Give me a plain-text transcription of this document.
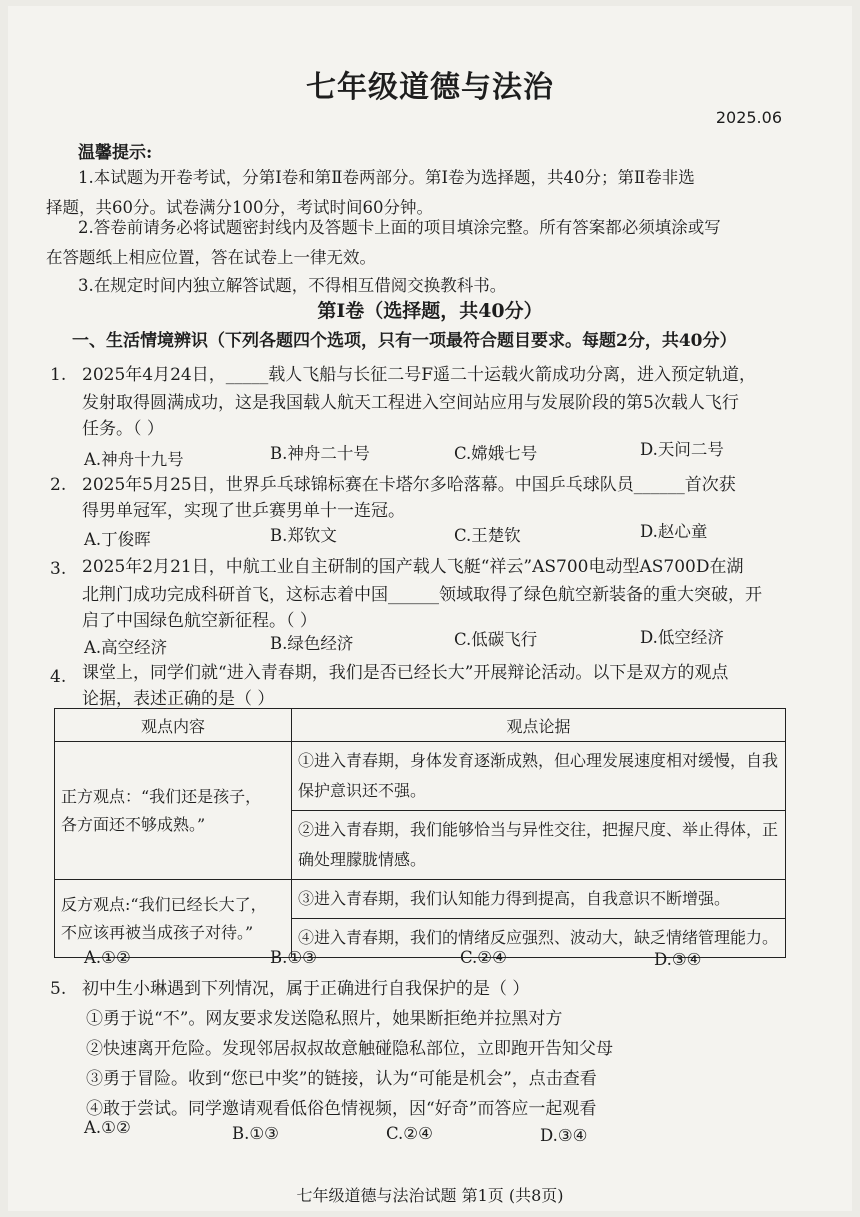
七年级道德与法治
2025.06
温馨提示:
1.本试题为开卷考试，分第Ⅰ卷和第Ⅱ卷两部分。第Ⅰ卷为选择题，共40分；第Ⅱ卷非选
择题，共60分。试卷满分100分，考试时间60分钟。
2.答卷前请务必将试题密封线内及答题卡上面的项目填涂完整。所有答案都必须填涂或写
在答题纸上相应位置，答在试卷上一律无效。
3.在规定时间内独立解答试题，不得相互借阅交换教科书。
第Ⅰ卷（选择题，共40分）
一、生活情境辨识（下列各题四个选项，只有一项最符合题目要求。每题2分，共40分）
1. 2025年4月24日，_____载人飞船与长征二号F遥二十运载火箭成功分离，进入预定轨道，
发射取得圆满成功，这是我国载人航天工程进入空间站应用与发展阶段的第5次载人飞行
任务。（ ）
A.神舟十九号	B.神舟二十号	C.嫦娥七号	D.天问二号
2. 2025年5月25日，世界乒乓球锦标赛在卡塔尔多哈落幕。中国乒乓球队员______首次获
得男单冠军，实现了世乒赛男单十一连冠。
A.丁俊晖	B.郑钦文	C.王楚钦	D.赵心童
3. 2025年2月21日，中航工业自主研制的国产载人飞艇“祥云”AS700电动型AS700D在湖
北荆门成功完成科研首飞，这标志着中国______领域取得了绿色航空新装备的重大突破，开
启了中国绿色航空新征程。（ ）
A.高空经济	B.绿色经济	C.低碳飞行	D.低空经济
4. 课堂上，同学们就“进入青春期，我们是否已经长大”开展辩论活动。以下是双方的观点
论据，表述正确的是（ ）
观点内容	观点论据

正方观点：“我们还是孩子，
各方面还不够成熟。”	①进入青春期，身体发育逐渐成熟，但心理发展速度相对缓慢，自我保护意识还不强。
	②进入青春期，我们能够恰当与异性交往，把握尺度、举止得体，正确处理朦胧情感。

反方观点:“我们已经长大了，
不应该再被当成孩子对待。”	③进入青春期，我们认知能力得到提高，自我意识不断增强。
	④进入青春期，我们的情绪反应强烈、波动大，缺乏情绪管理能力。
A.①②	B.①③	C.②④	D.③④
5. 初中生小琳遇到下列情况，属于正确进行自我保护的是（ ）
①勇于说“不”。网友要求发送隐私照片，她果断拒绝并拉黑对方
②快速离开危险。发现邻居叔叔故意触碰隐私部位，立即跑开告知父母
③勇于冒险。收到“您已中奖”的链接，认为“可能是机会”，点击查看
④敢于尝试。同学邀请观看低俗色情视频，因“好奇”而答应一起观看
A.①②	B.①③	C.②④	D.③④
七年级道德与法治试题 第1页 (共8页)
